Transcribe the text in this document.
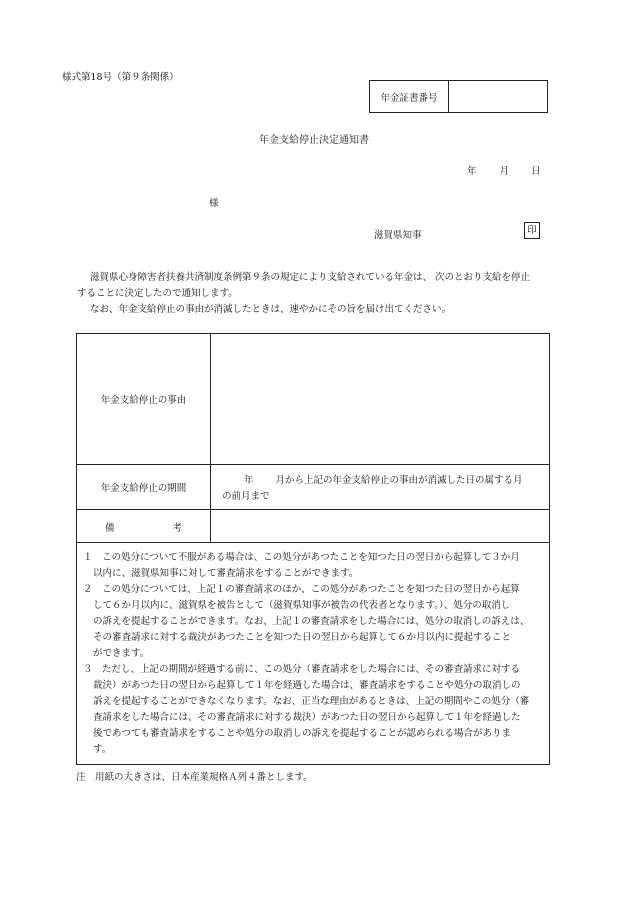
様式第18号（第９条関係）
年金証書番号
年金支給停止決定通知書
年 月 日
様
滋賀県知事	印
滋賀県心身障害者扶養共済制度条例第９条の規定により支給されている年金は、 次のとおり支給を停止
することに決定したので通知します。
なお、年金支給停止の事由が消滅したときは、速やかにその旨を届け出てください。
年金支給停止の事由
年金支給停止の期間
年 月から上記の年金支給停止の事由が消滅した日の属する月
の前月まで
備	考
１　この処分について不服がある場合は、この処分があつたことを知つた日の翌日から起算して３か月
以内に、滋賀県知事に対して審査請求をすることができます。
２　この処分については、上記１の審査請求のほか、この処分があつたことを知つた日の翌日から起算
して６か月以内に、滋賀県を被告として（滋賀県知事が被告の代表者となります。）、処分の取消し
の訴えを提起することができます。なお、上記１の審査請求をした場合には、処分の取消しの訴えは、
その審査請求に対する裁決があつたことを知つた日の翌日から起算して６か月以内に提起すること
ができます。
３　ただし、上記の期間が経過する前に、この処分（審査請求をした場合には、その審査請求に対する
裁決）があつた日の翌日から起算して１年を経過した場合は、審査請求をすることや処分の取消しの
訴えを提起することができなくなります。なお、正当な理由があるときは、上記の期間やこの処分（審
査請求をした場合には、その審査請求に対する裁決）があつた日の翌日から起算して１年を経過した
後であつても審査請求をすることや処分の取消しの訴えを提起することが認められる場合がありま
す。
注　用紙の大きさは、日本産業規格Ａ列４番とします。
